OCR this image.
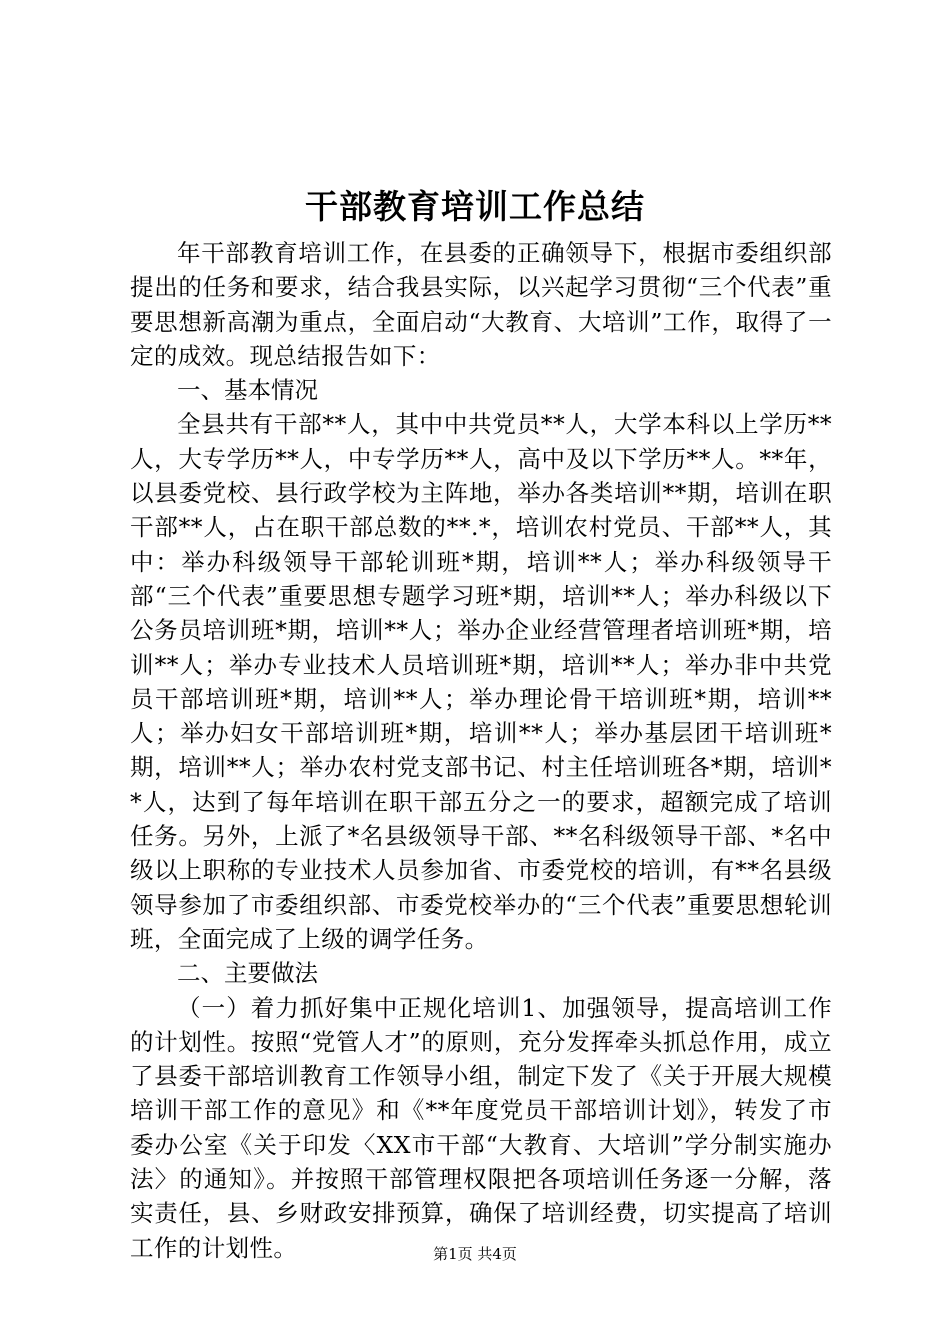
干部教育培训工作总结

年干部教育培训工作，在县委的正确领导下，根据市委组织部提出的任务和要求，结合我县实际，以兴起学习贯彻“三个代表”重要思想新高潮为重点，全面启动“大教育、大培训”工作，取得了一定的成效。现总结报告如下：

一、基本情况

全县共有干部**人，其中中共党员**人，大学本科以上学历**人，大专学历**人，中专学历**人，高中及以下学历**人。**年，以县委党校、县行政学校为主阵地，举办各类培训**期，培训在职干部**人，占在职干部总数的**.*，培训农村党员、干部**人，其中：举办科级领导干部轮训班*期，培训**人；举办科级领导干部“三个代表”重要思想专题学习班*期，培训**人；举办科级以下公务员培训班*期，培训**人；举办企业经营管理者培训班*期，培训**人；举办专业技术人员培训班*期，培训**人；举办非中共党员干部培训班*期，培训**人；举办理论骨干培训班*期，培训**人；举办妇女干部培训班*期，培训**人；举办基层团干培训班*期，培训**人；举办农村党支部书记、村主任培训班各*期，培训**人，达到了每年培训在职干部五分之一的要求，超额完成了培训任务。另外，上派了*名县级领导干部、**名科级领导干部、*名中级以上职称的专业技术人员参加省、市委党校的培训，有**名县级领导参加了市委组织部、市委党校举办的“三个代表”重要思想轮训班，全面完成了上级的调学任务。

二、主要做法

（一）着力抓好集中正规化培训1、加强领导，提高培训工作的计划性。按照“党管人才”的原则，充分发挥牵头抓总作用，成立了县委干部培训教育工作领导小组，制定下发了《关于开展大规模培训干部工作的意见》和《**年度党员干部培训计划》，转发了市委办公室《关于印发〈XX市干部“大教育、大培训”学分制实施办法〉的通知》。并按照干部管理权限把各项培训任务逐一分解，落实责任，县、乡财政安排预算，确保了培训经费，切实提高了培训工作的计划性。	第1页 共4页
